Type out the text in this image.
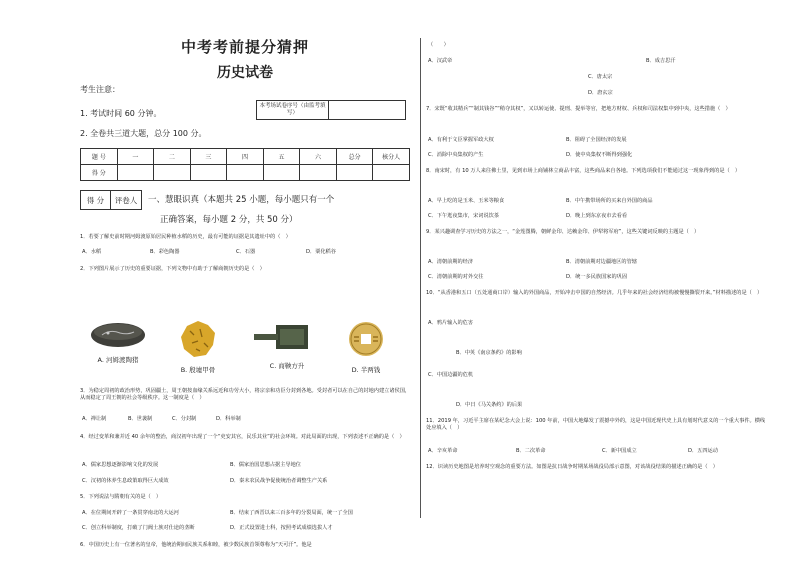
中考考前提分猜押
历史试卷
考生注意：
1. 考试时间 60 分钟。
2. 全卷共三道大题，总分 100 分。
本考场试卷序号（由监考填写）
题 号	一	二	三	四	五	六	总分	核分人
得 分								
得 分	评卷人	一、慧眼识真（本题共 25 小题，每小题只有一个
正确答案，每小题 2 分，共 50 分）
1．若要了解史前时期河姆渡原始居民种植水稻的历史，最有可能的证据是其遗址中的（　）
A．水稻	B．彩色陶器	C．石器	D．粟化稻谷
2．下列图片展示了历史的重要证据，下列文物中有助于了解商朝历史的是（　）
A. 河姆渡陶猪
B. 殷墟甲骨	C. 商鞅方升	D. 半两钱
3．为稳定周初的政治形势，巩固疆土，周王朝按血缘关系远近和功劳大小，将宗亲和功臣分封到各地。受封者可以在自己的封地内建立诸侯国，从而稳定了周王朝的社会等级秩序。这一制度是（　）
A．禅让制	B．世袭制	C．分封制	D．科举制
4．经过变革和兼并近 40 余年的整治，商汉初年出现了一个“吏安其官，民乐其业”的社会环境。对此局面的出现，下列表述不正确的是（　）
A．儒家思想逐渐影响文化的发展	B．儒家治国思想占据主导地位
C．汉初的休养生息政策取得巨大成效	D．秦末农民战争促使统治者调整生产关系
5．下列说法与隋朝有关的是（　）
A．在位期间开辟了一条贯穿南北的大运河	B．结束了西晋以来三百多年的分裂局面，统一了全国
C．创立科举制度，打破了门阀士族对仕途的垄断	D．正式设置进士科，按照考试成绩选拔人才
6．中国历史上有一位著名的皇帝，他统治期间民族关系和睦，被少数民族首领尊称为“天可汗”。他是
（　　）
A．汉武帝	B．成吉思汗
C．唐太宗
D．唐玄宗
7．宋既“收其精兵”“制其钱谷”“稍夺其权”，又以转运使、提刑、提举等官，把地方财权、兵权和司法权集中到中央，这些措施（　）
A．有利于文臣掌握军政大权	B．阻碍了全国经济的发展
C．消除中央集权的产生	D．使中央集权不断得到强化
8．南宋时，有 10 万人来往佛土里，见到市场上商铺林立商品丰富，这些商品来自各地。下列选项我们不能通过这一现象得到的是（　）
A．早上吃的是玉米、玉米等粮食	B．中午携带场所的买来自外国的商品
C．下午逛夜集市，宋词说饮茶	D．晚上到东京夜市去看看
9．某兴趣调查学习历史的方法之一，“金莲图腾，朝鲜金印、达赖金印、伊犁将军府”，这些关键词反映的主题是（　）
A．清朝前期的经济	B．清朝前期对边疆地区的管辖
C．清朝前期的对外交往	D．统一多民族国家的巩固
10．“从香港和五口（五处通商口岸）输入的外国商品，开始冲击中国的自然经济。几乎年来的社会经济结构被慢慢撕裂开来。”材料描述的是（　）
A．鸦片输入的危害
B．中英《南京条约》的影响
C．中国边疆的危机
D．中日《马关条约》的后果
11．2019 年，习近平主席在某纪念大会上说：100 年前，中国大地爆发了震撼中外的，这是中国近现代史上具有划时代意义的一个重大事件。横线处应填入（　）
A．辛亥革命	B．二次革命	C．新中国成立	D．五四运动
12．识读历史地图是培养时空观念的重要方法。如图是抗日战争时期某场战役局部示意图，对该战役结果的描述正确的是（　）
